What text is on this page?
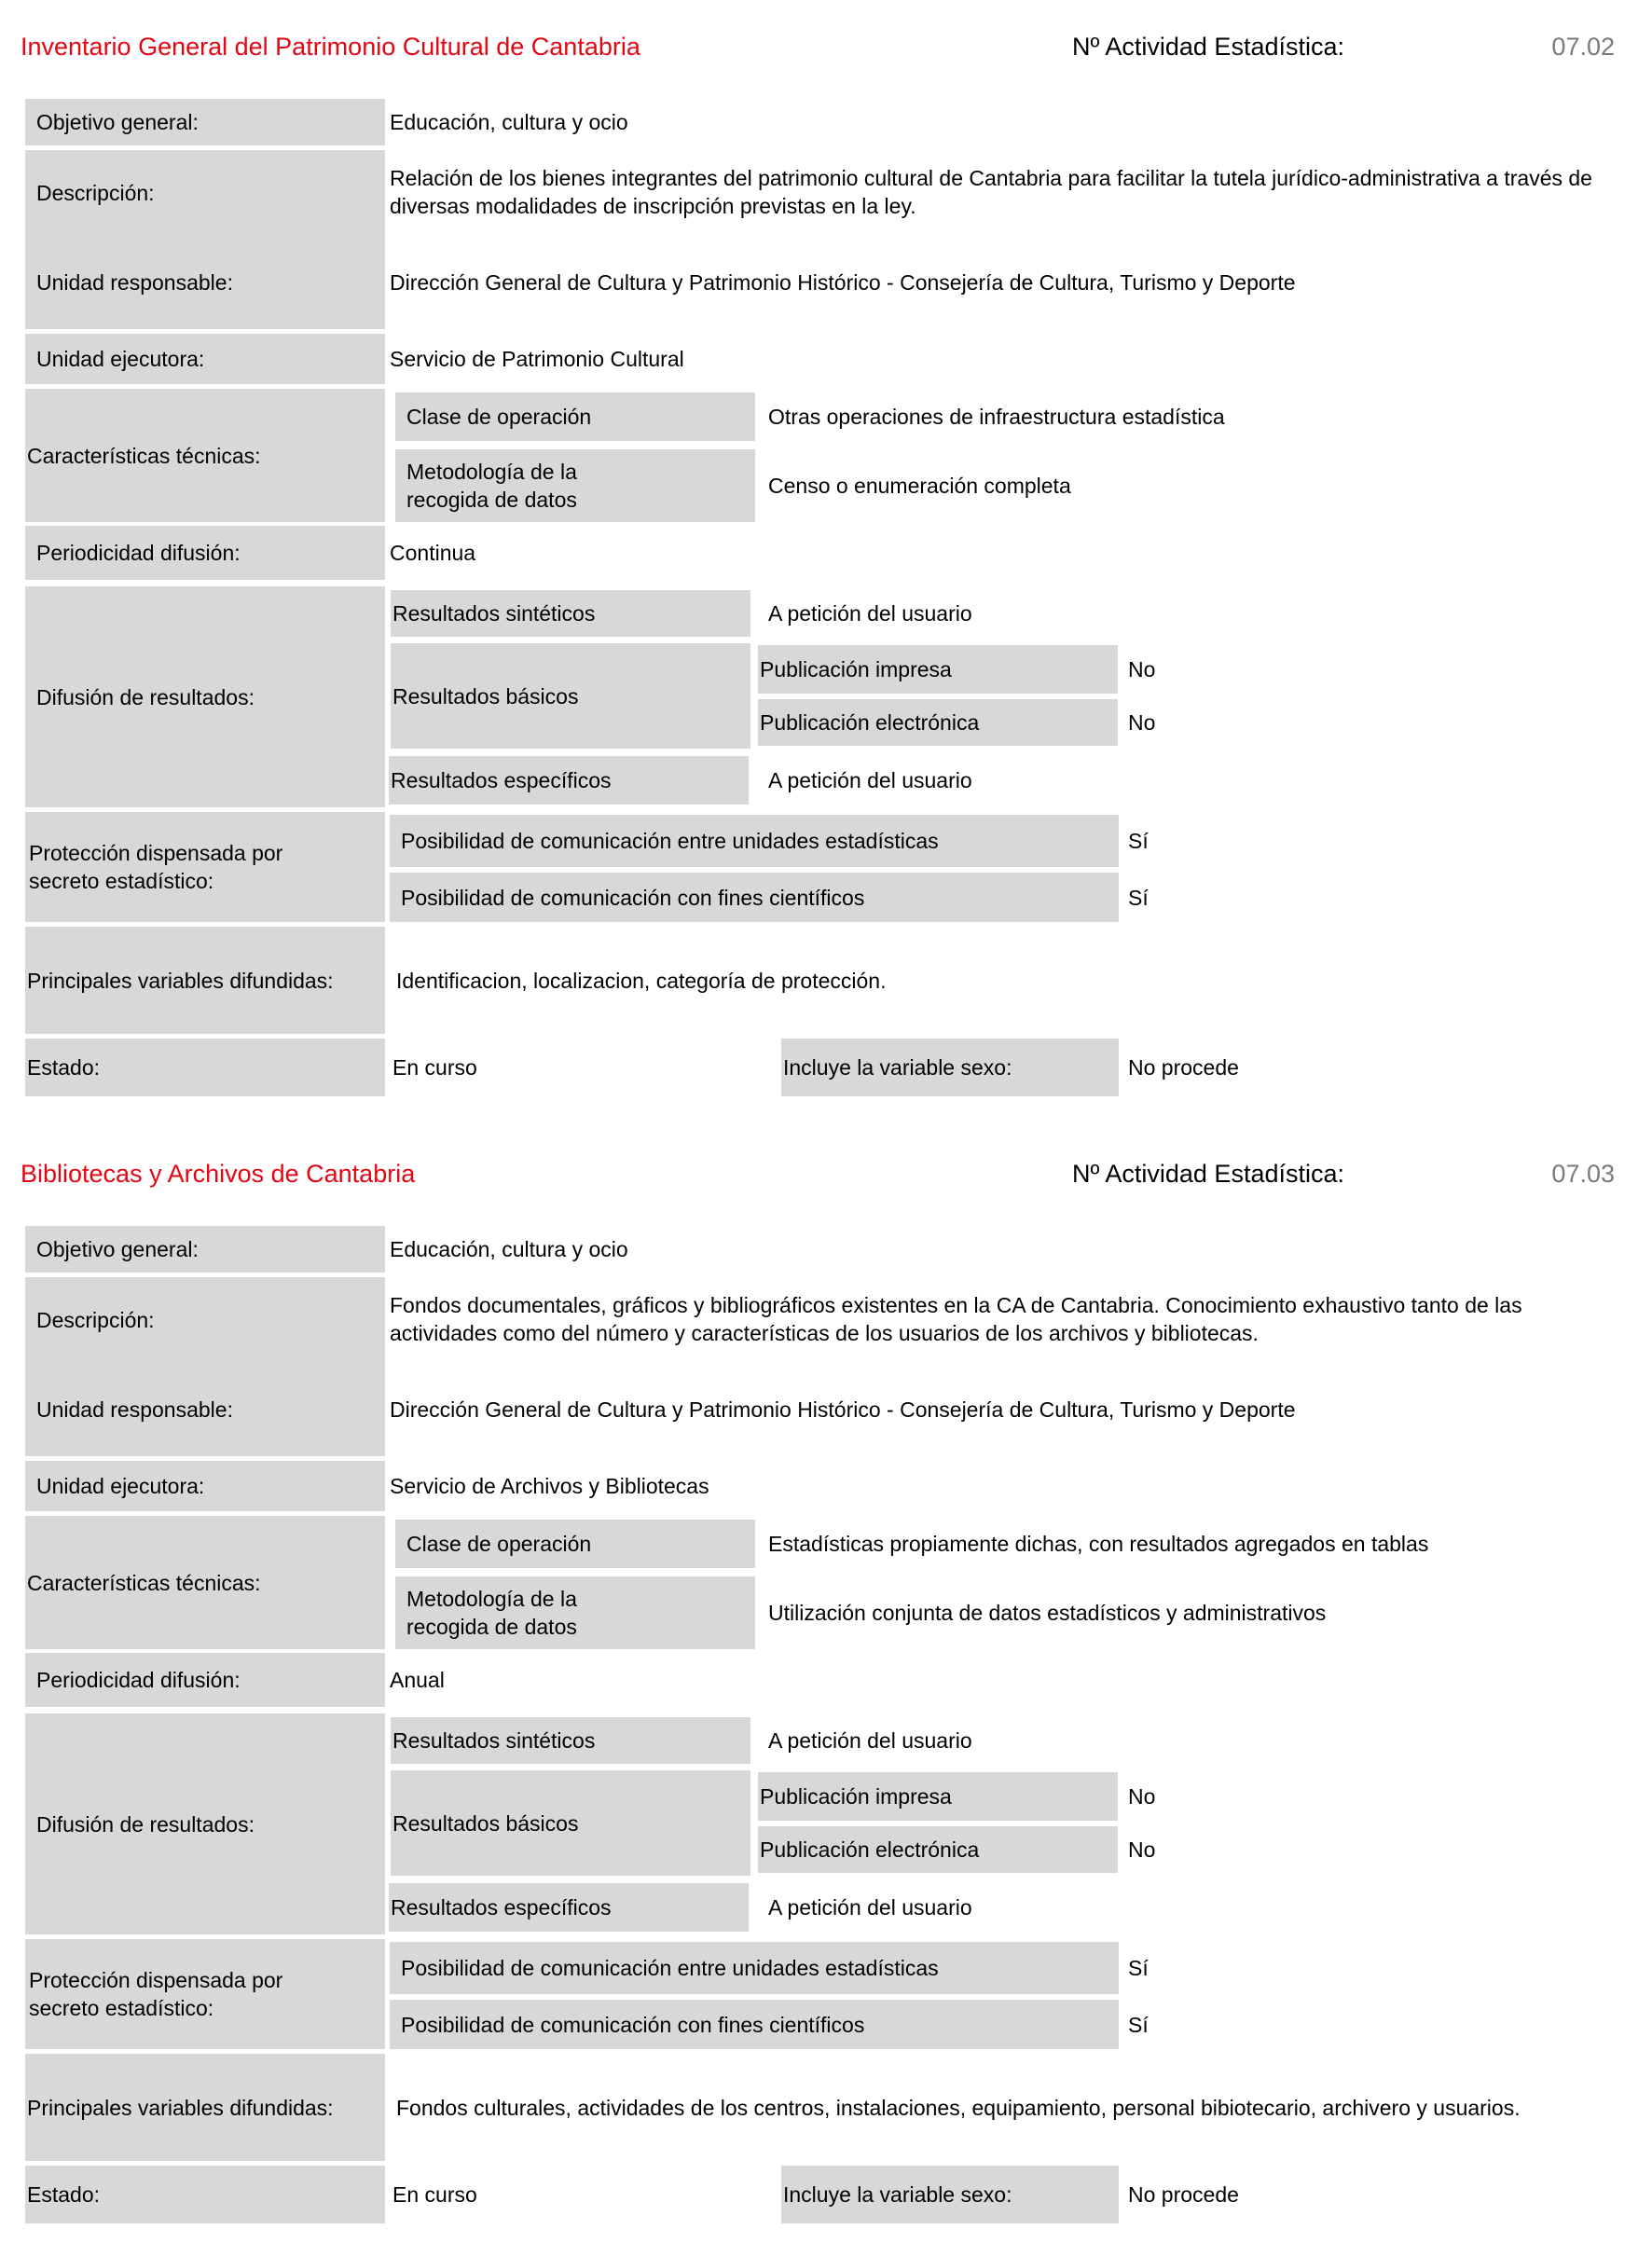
Inventario General del Patrimonio Cultural de Cantabria	Nº Actividad Estadística:	07.02
Objetivo general:	Educación, cultura y ocio
Descripción:
Relación de los bienes integrantes del patrimonio cultural de Cantabria para facilitar la tutela jurídico-administrativa a través de diversas modalidades de inscripción previstas en la ley.
Unidad responsable:	Dirección General de Cultura y Patrimonio Histórico - Consejería de Cultura, Turismo y Deporte
Unidad ejecutora:	Servicio de Patrimonio Cultural
Características técnicas:
Clase de operación	Otras operaciones de infraestructura estadística
Metodología de la recogida de datos
Censo o enumeración completa
Periodicidad difusión:	Continua
Difusión de resultados:
Resultados sintéticos	A petición del usuario
Resultados básicos
Publicación impresa	No
Publicación electrónica	No
Resultados específicos	A petición del usuario
Protección dispensada por secreto estadístico:
Posibilidad de comunicación entre unidades estadísticas	Sí
Posibilidad de comunicación con fines científicos	Sí
Principales variables difundidas:	Identificacion, localizacion, categoría de protección.
Estado:	En curso	Incluye la variable sexo:	No procede
Bibliotecas y Archivos de Cantabria	Nº Actividad Estadística:	07.03
Objetivo general:	Educación, cultura y ocio
Descripción:
Fondos documentales, gráficos y bibliográficos existentes en la CA de Cantabria. Conocimiento exhaustivo tanto de las actividades como del número y características de los usuarios de los archivos y bibliotecas.
Unidad responsable:	Dirección General de Cultura y Patrimonio Histórico - Consejería de Cultura, Turismo y Deporte
Unidad ejecutora:	Servicio de Archivos y Bibliotecas
Características técnicas:
Clase de operación	Estadísticas propiamente dichas, con resultados agregados en tablas
Metodología de la recogida de datos
Utilización conjunta de datos estadísticos y administrativos
Periodicidad difusión:	Anual
Difusión de resultados:
Resultados sintéticos	A petición del usuario
Resultados básicos
Publicación impresa	No
Publicación electrónica	No
Resultados específicos	A petición del usuario
Protección dispensada por secreto estadístico:
Posibilidad de comunicación entre unidades estadísticas	Sí
Posibilidad de comunicación con fines científicos	Sí
Principales variables difundidas:	Fondos culturales, actividades de los centros, instalaciones, equipamiento, personal bibiotecario, archivero y usuarios.
Estado:	En curso	Incluye la variable sexo:	No procede
